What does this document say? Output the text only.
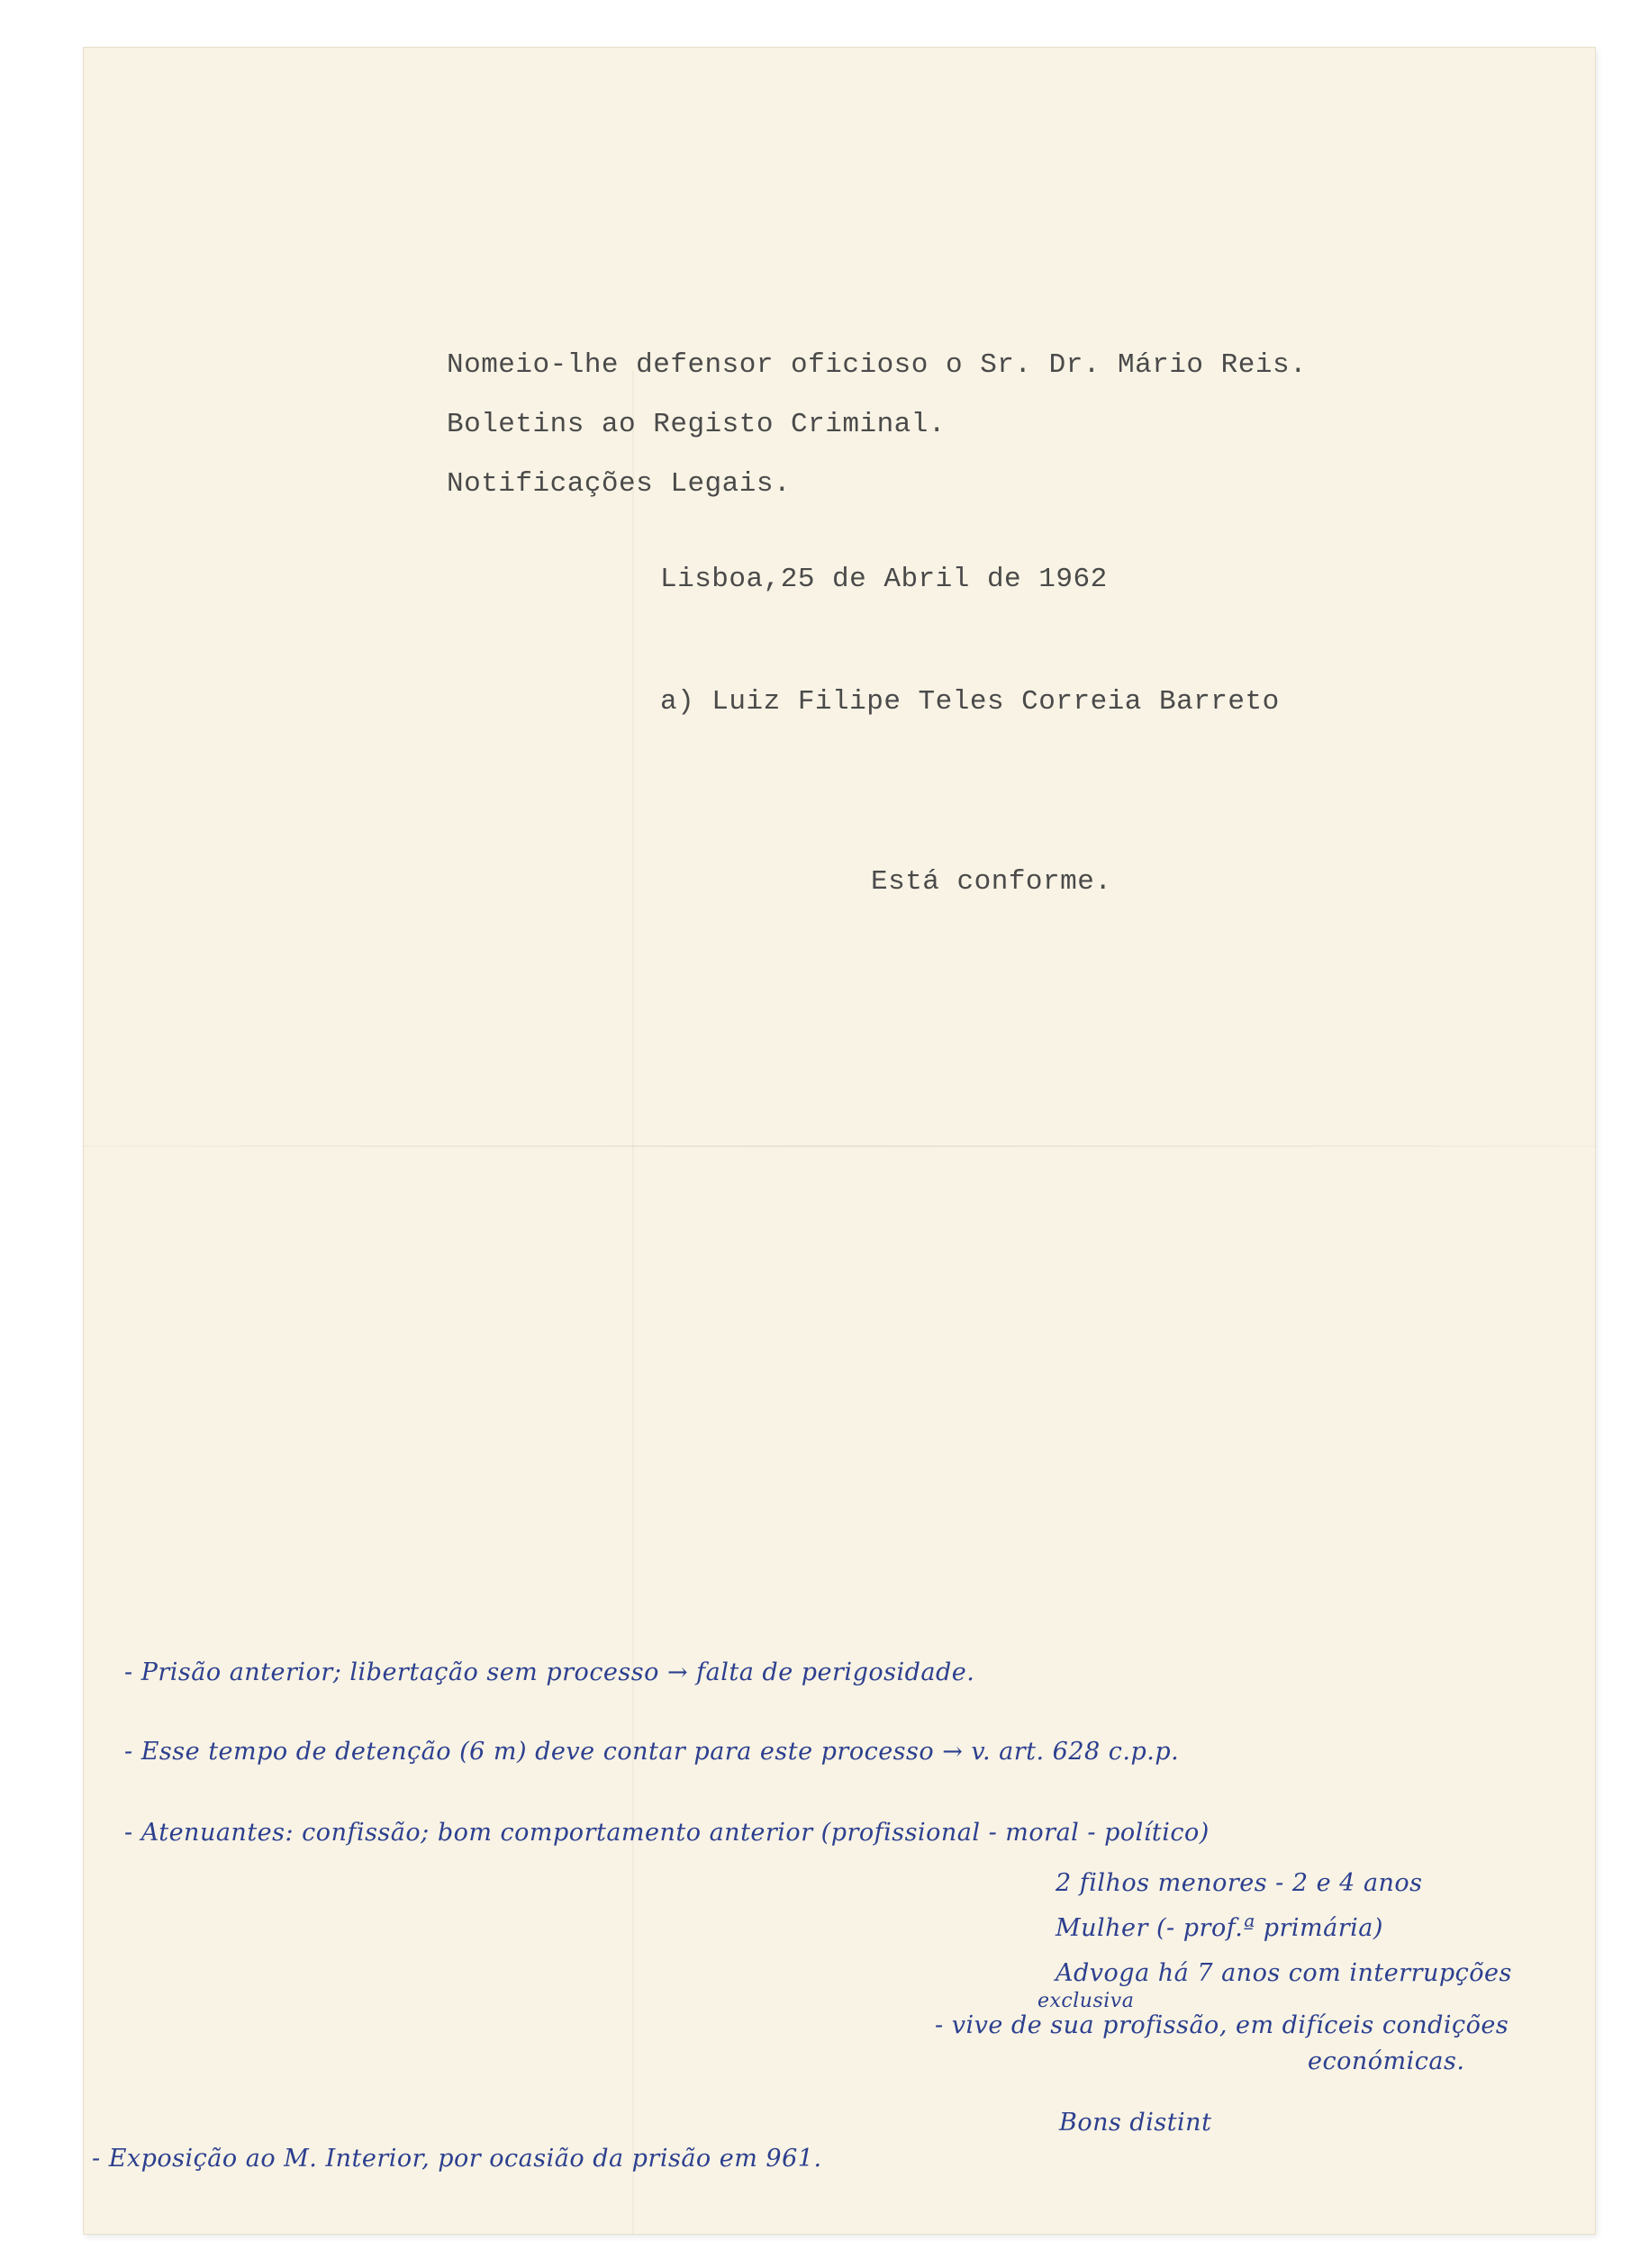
Nomeio-lhe defensor oficioso o Sr. Dr. Mário Reis.
Boletins ao Registo Criminal.
Notificações Legais.
Lisboa,25 de Abril de 1962
a) Luiz Filipe Teles Correia Barreto
Está conforme.
- Prisão anterior; libertação sem processo → falta de perigosidade.
- Esse tempo de detenção (6 m) deve contar para este processo → v. art. 628 c.p.p.
- Atenuantes: confissão; bom comportamento anterior (profissional - moral - político)
2 filhos menores - 2 e 4 anos
Mulher (- prof.ª primária)
Advoga há 7 anos com interrupções
exclusiva
- vive de sua profissão, em difíceis condições
económicas.
Bons distint
- Exposição ao M. Interior, por ocasião da prisão em 961.
